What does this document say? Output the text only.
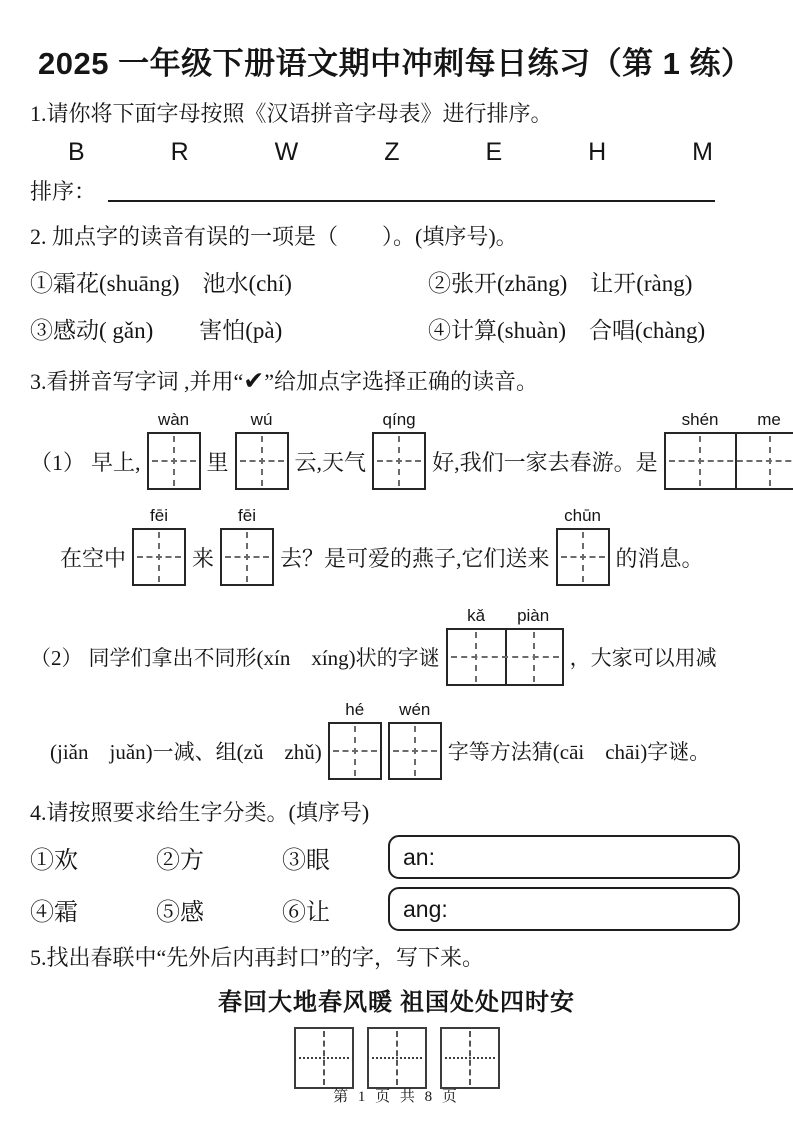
2025 一年级下册语文期中冲刺每日练习（第 1 练）
1.请你将下面字母按照《汉语拼音字母表》进行排序。
B	R	W	Z	E	H	M
排序：
2. 加点字的读音有误的一项是（　　）。(填序号)。
①霜花(shuāng)　池水(chí)	②张开(zhāng)　让开(ràng)
③感动( gǎn)　　害怕(pà)	④计算(shuàn)　合唱(chàng)
3.看拼音写字词 ,并用“✔”给加点字选择正确的读音。
（1） 早上,
wàn
里
wú
云,天气
qíng
好,我们一家去春游。是
shén	me
在空中
fēi
来
fēi
去？是可爱的燕子,它们送来
chūn
的消息。
（2） 同学们拿出不同形(xín　xíng)状的字谜
kǎ	piàn
，大家可以用减
(jiǎn　juǎn)一减、组(zǔ　zhǔ)
hé	wén
字等方法猜(cāi　chāi)字谜。
4.请按照要求给生字分类。(填序号)
①欢	②方	③眼	an:
④霜	⑤感	⑥让	ang:
5.找出春联中“先外后内再封口”的字，写下来。
春回大地春风暖 祖国处处四时安
第 1 页 共 8 页
